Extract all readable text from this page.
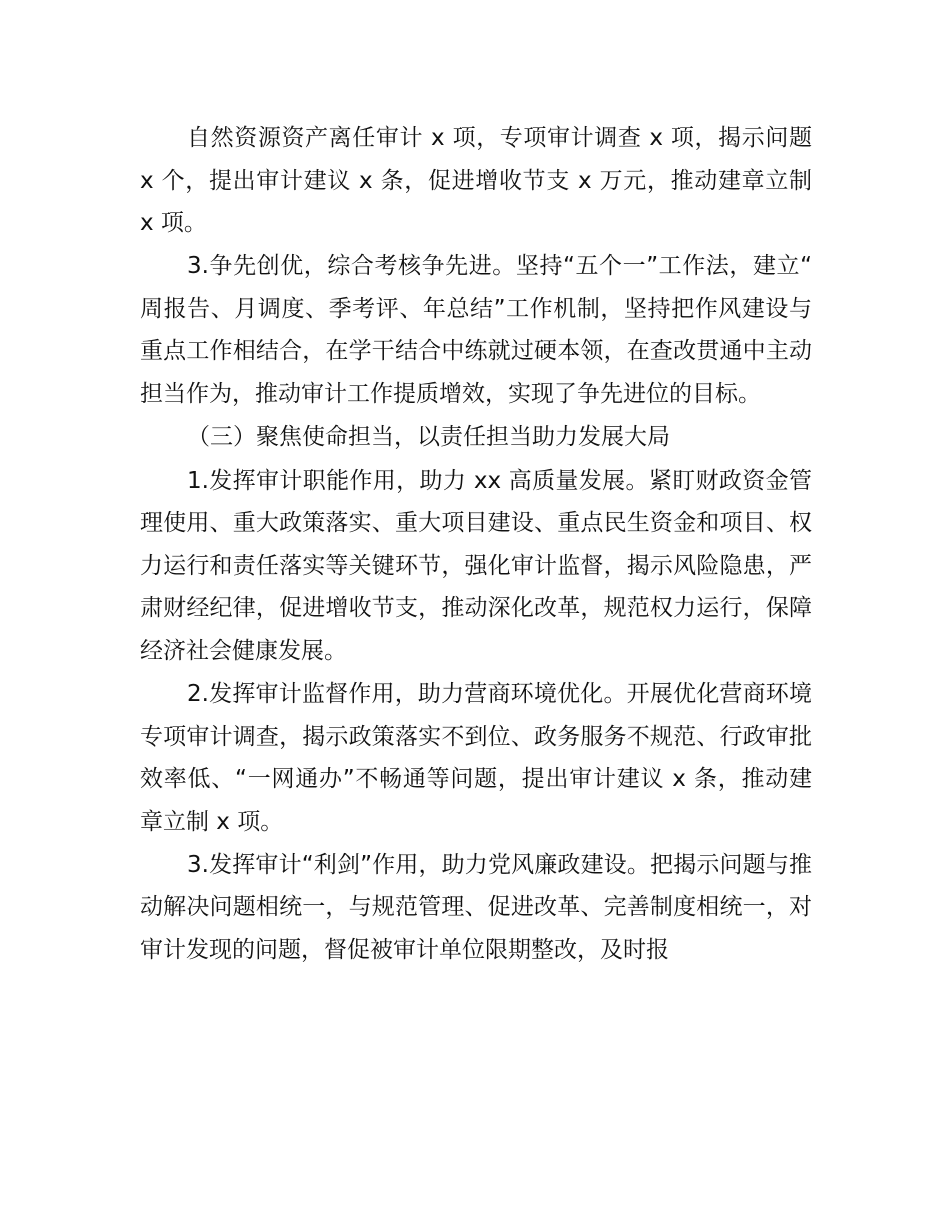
自然资源资产离任审计 x 项，专项审计调查 x 项，揭示问题 x 个，提出审计建议 x 条，促进增收节支 x 万元，推动建章立制 x 项。

3.争先创优，综合考核争先进。坚持“五个一”工作法，建立“周报告、月调度、季考评、年总结”工作机制，坚持把作风建设与重点工作相结合，在学干结合中练就过硬本领，在查改贯通中主动担当作为，推动审计工作提质增效，实现了争先进位的目标。

（三）聚焦使命担当，以责任担当助力发展大局

1.发挥审计职能作用，助力 xx 高质量发展。紧盯财政资金管理使用、重大政策落实、重大项目建设、重点民生资金和项目、权力运行和责任落实等关键环节，强化审计监督，揭示风险隐患，严肃财经纪律，促进增收节支，推动深化改革，规范权力运行，保障经济社会健康发展。

2.发挥审计监督作用，助力营商环境优化。开展优化营商环境专项审计调查，揭示政策落实不到位、政务服务不规范、行政审批效率低、“一网通办”不畅通等问题，提出审计建议 x 条，推动建章立制 x 项。

3.发挥审计“利剑”作用，助力党风廉政建设。把揭示问题与推动解决问题相统一，与规范管理、促进改革、完善制度相统一，对审计发现的问题，督促被审计单位限期整改，及时报
